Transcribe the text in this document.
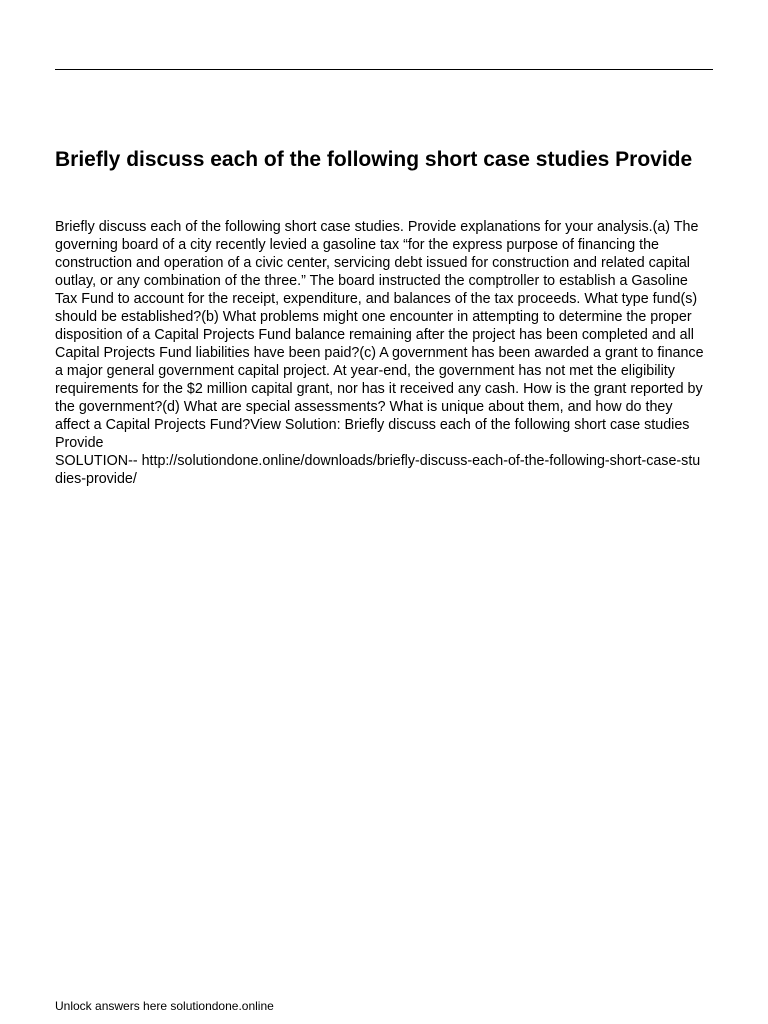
Briefly discuss each of the following short case studies Provide

Briefly discuss each of the following short case studies. Provide explanations for your analysis.(a) The governing board of a city recently levied a gasoline tax “for the express purpose of financing the construction and operation of a civic center, servicing debt issued for construction and related capital outlay, or any combination of the three.” The board instructed the comptroller to establish a Gasoline Tax Fund to account for the receipt, expenditure, and balances of the tax proceeds. What type fund(s) should be established?(b) What problems might one encounter in attempting to determine the proper disposition of a Capital Projects Fund balance remaining after the project has been completed and all Capital Projects Fund liabilities have been paid?(c) A government has been awarded a grant to finance a major general government capital project. At year-end, the government has not met the eligibility requirements for the $2 million capital grant, nor has it received any cash. How is the grant reported by the government?(d) What are special assessments? What is unique about them, and how do they affect a Capital Projects Fund?View Solution: Briefly discuss each of the following short case studies Provide

SOLUTION-- http://solutiondone.online/downloads/briefly-discuss-each-of-the-following-short-case-studies-provide/

Unlock answers here solutiondone.online
